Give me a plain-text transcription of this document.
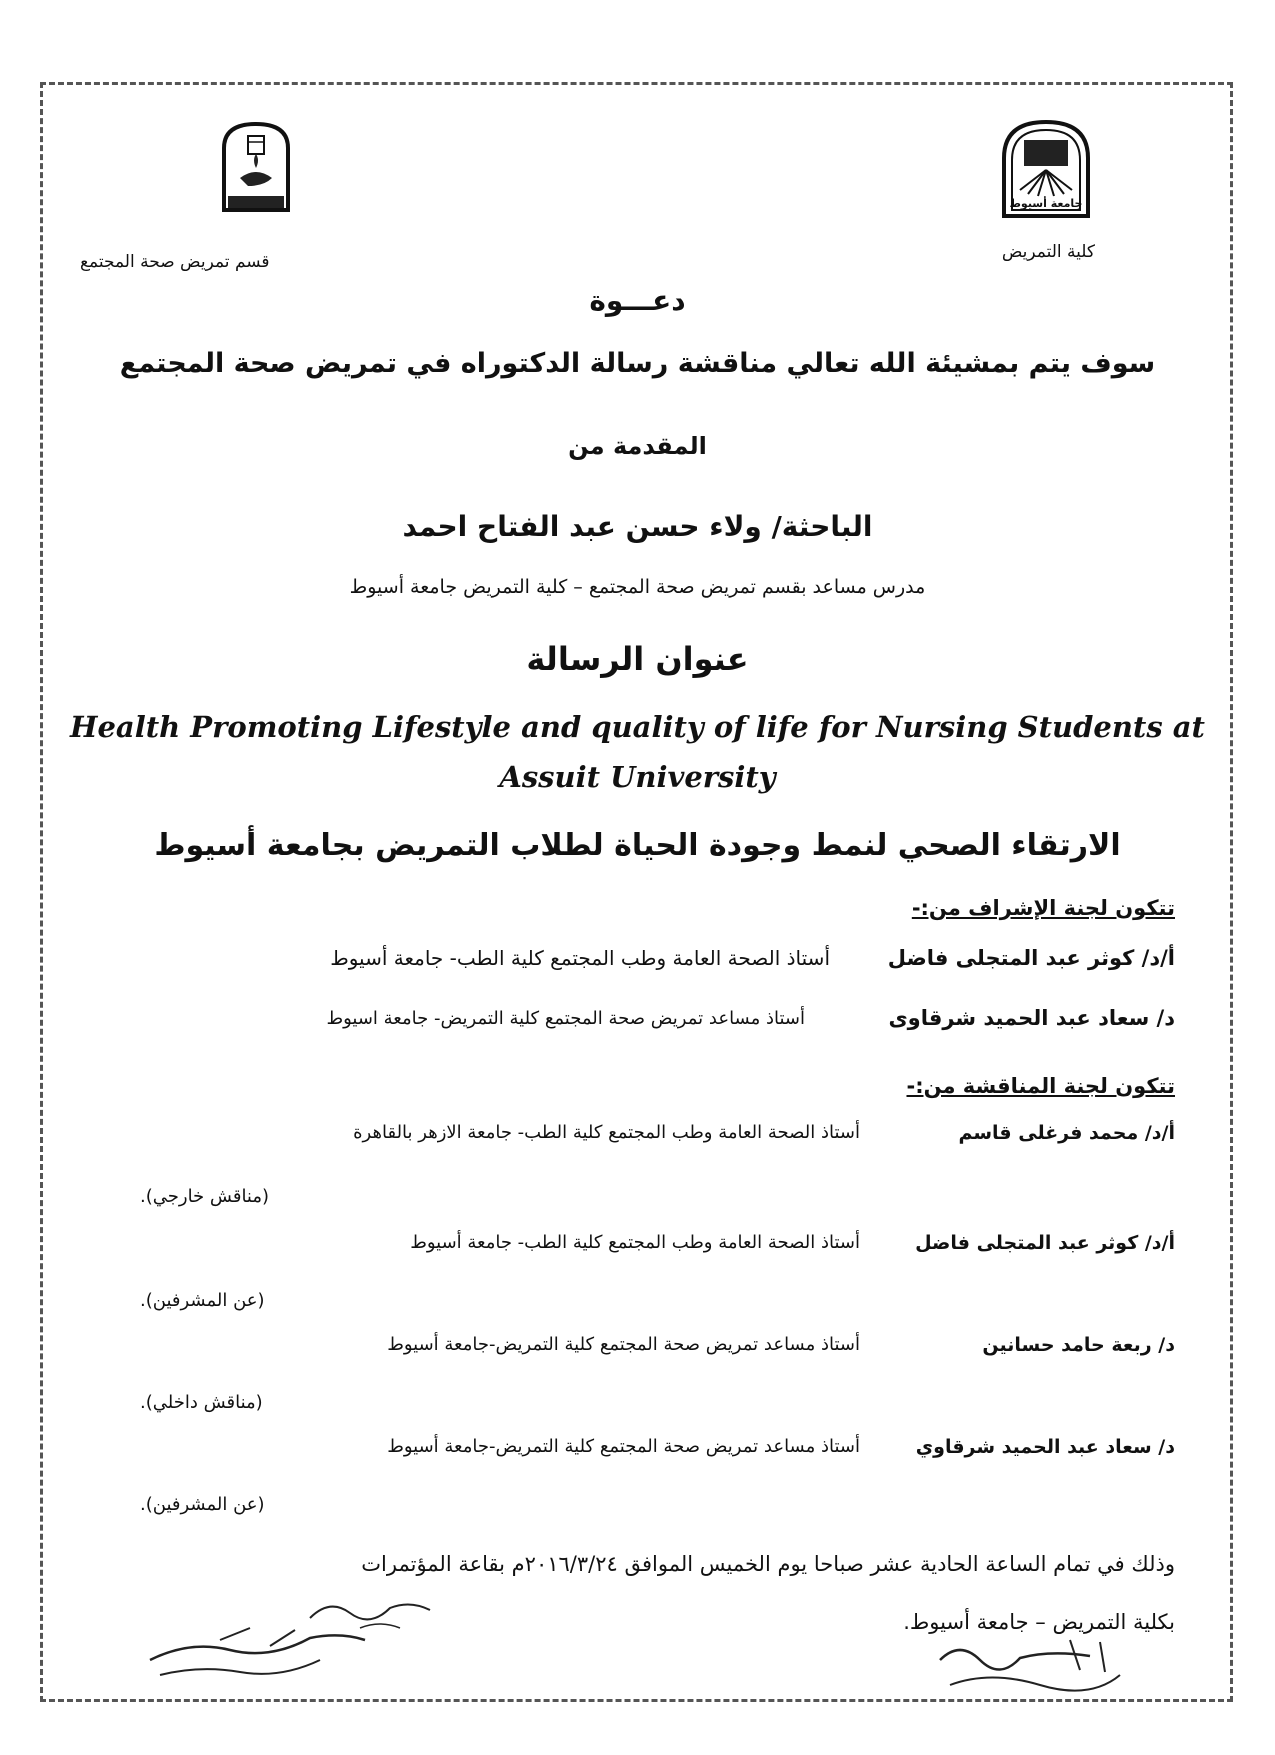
جامعة أسيوط
كلية التمريض
قسم تمريض صحة المجتمع
دعـــوة
سوف يتم بمشيئة الله تعالي مناقشة رسالة الدكتوراه في تمريض صحة المجتمع
المقدمة من
الباحثة/ ولاء حسن عبد الفتاح احمد
مدرس مساعد بقسم تمريض صحة المجتمع – كلية التمريض جامعة أسيوط
عنوان الرسالة
Health Promoting Lifestyle and quality of life for Nursing Students at
Assuit University
الارتقاء الصحي لنمط وجودة الحياة لطلاب التمريض بجامعة أسيوط
تتكون لجنة الإشراف من:-
أ/د/ كوثر عبد المتجلى فاضل
أستاذ الصحة العامة وطب المجتمع كلية الطب- جامعة أسيوط
د/ سعاد عبد الحميد شرقاوى
أستاذ مساعد تمريض صحة المجتمع كلية التمريض- جامعة اسيوط
تتكون لجنة المناقشة من:-
أ/د/ محمد فرغلى قاسم
أستاذ الصحة العامة وطب المجتمع كلية الطب- جامعة الازهر بالقاهرة
(مناقش خارجي).
أ/د/ كوثر عبد المتجلى فاضل
أستاذ الصحة العامة وطب المجتمع كلية الطب- جامعة أسيوط
(عن المشرفين).
د/ ربعة حامد حسانين
أستاذ مساعد تمريض صحة المجتمع كلية التمريض-جامعة أسيوط
(مناقش داخلي).
د/ سعاد عبد الحميد شرقاوي
أستاذ مساعد تمريض صحة المجتمع كلية التمريض-جامعة أسيوط
(عن المشرفين).
وذلك في تمام الساعة الحادية عشر صباحا يوم الخميس الموافق ٢٠١٦/٣/٢٤م بقاعة المؤتمرات
بكلية التمريض – جامعة أسيوط.
